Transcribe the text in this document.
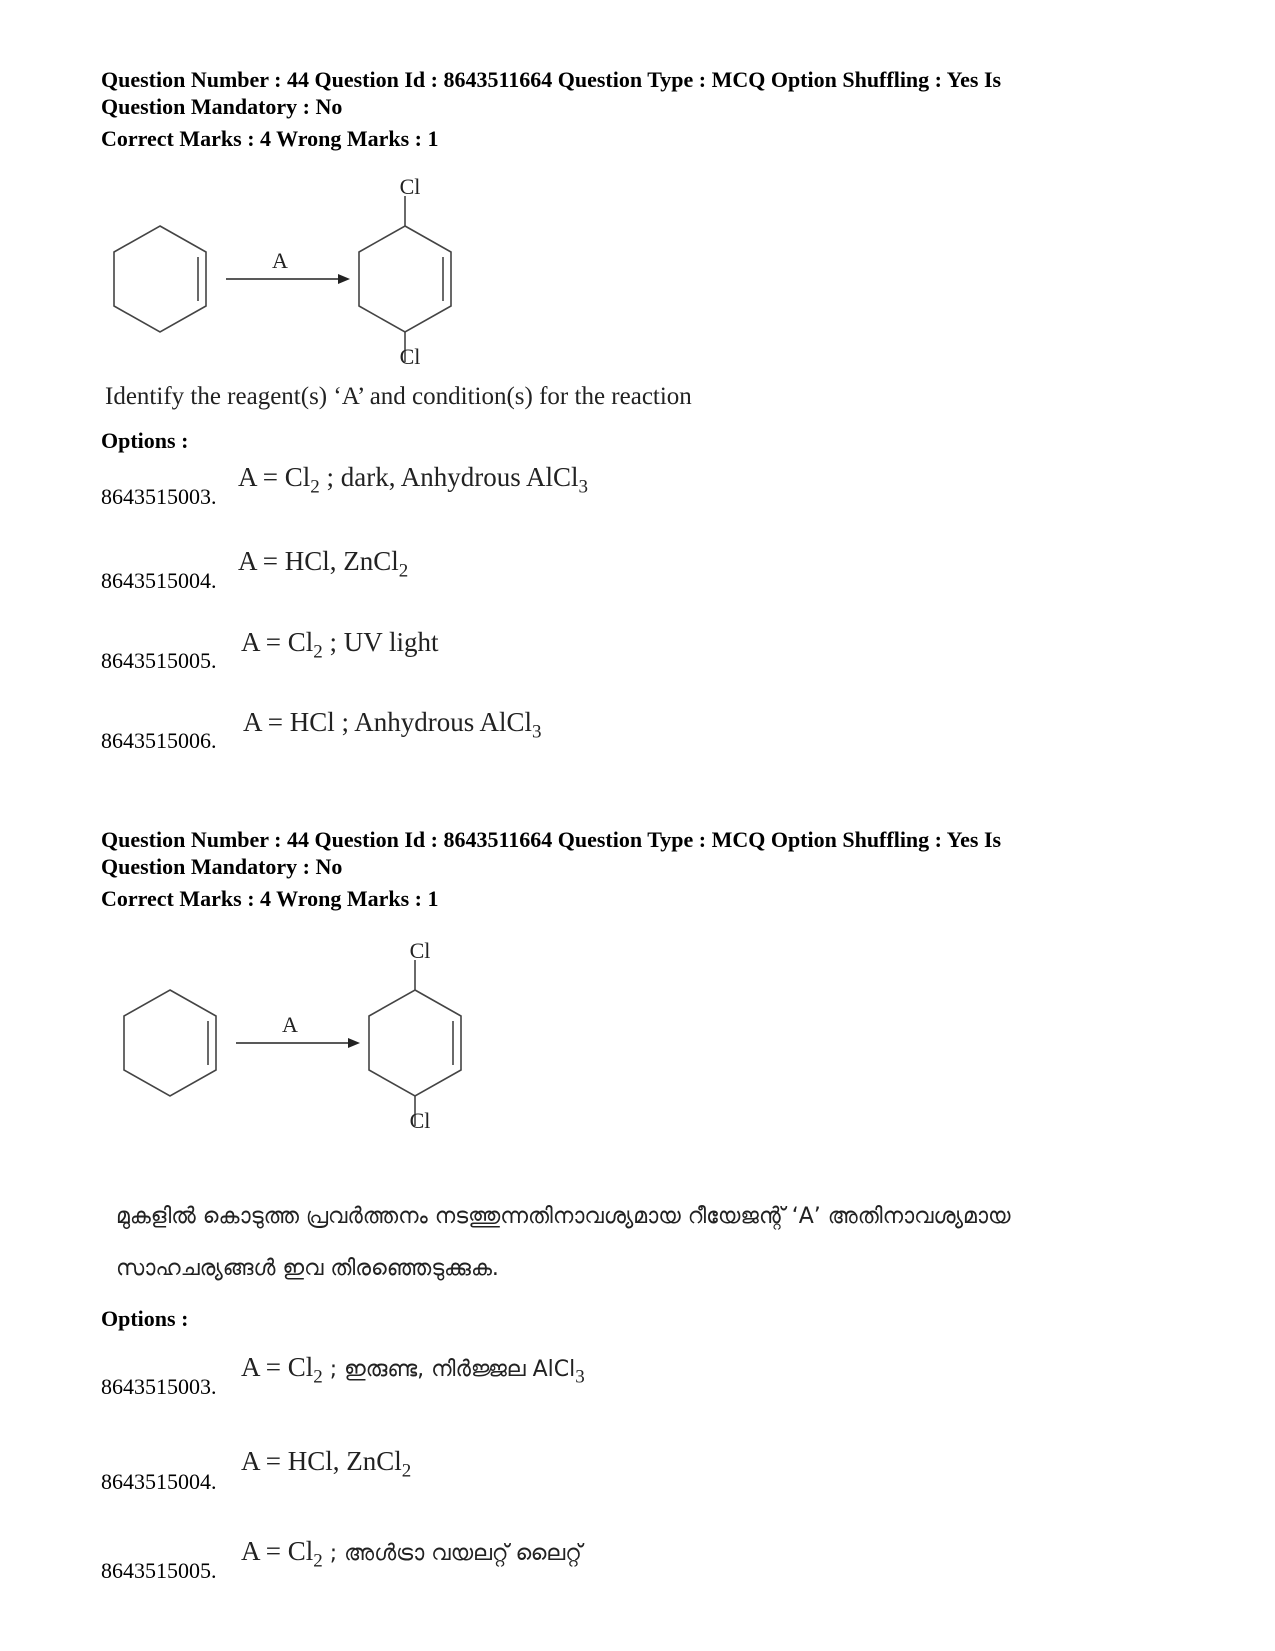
Question Number : 44 Question Id : 8643511664 Question Type : MCQ Option Shuffling : Yes Is
Question Mandatory : No
Correct Marks : 4 Wrong Marks : 1
A
Cl
Cl
Identify the reagent(s) ‘A’ and condition(s) for the reaction
Options :
8643515003.
$A = Cl_2$ ; dark, Anhydrous AlCl$_3$
8643515004.
A = HCl, ZnCl$_2$
8643515005.
$A = Cl_2$ ; UV light
8643515006.
A = HCl ; Anhydrous AlCl$_3$
Question Number : 44 Question Id : 8643511664 Question Type : MCQ Option Shuffling : Yes Is
Question Mandatory : No
Correct Marks : 4 Wrong Marks : 1
A
Cl
Cl
മുകളിൽ കൊടുത്ത പ്രവർത്തനം നടത്തുന്നതിനാവശ്യമായ റീയേജന്റ് ‘A’ അതിനാവശ്യമായ
സാഹചര്യങ്ങൾ ഇവ തിരഞ്ഞെടുക്കുക.
Options :
8643515003.
$A = Cl_2$ ; ഇരുണ്ട, നിർജ്ജല AlCl$_3$
8643515004.
A = HCl, ZnCl$_2$
8643515005.
$A = Cl_2$ ; അൾട്രാ വയലറ്റ് ലൈറ്റ്
